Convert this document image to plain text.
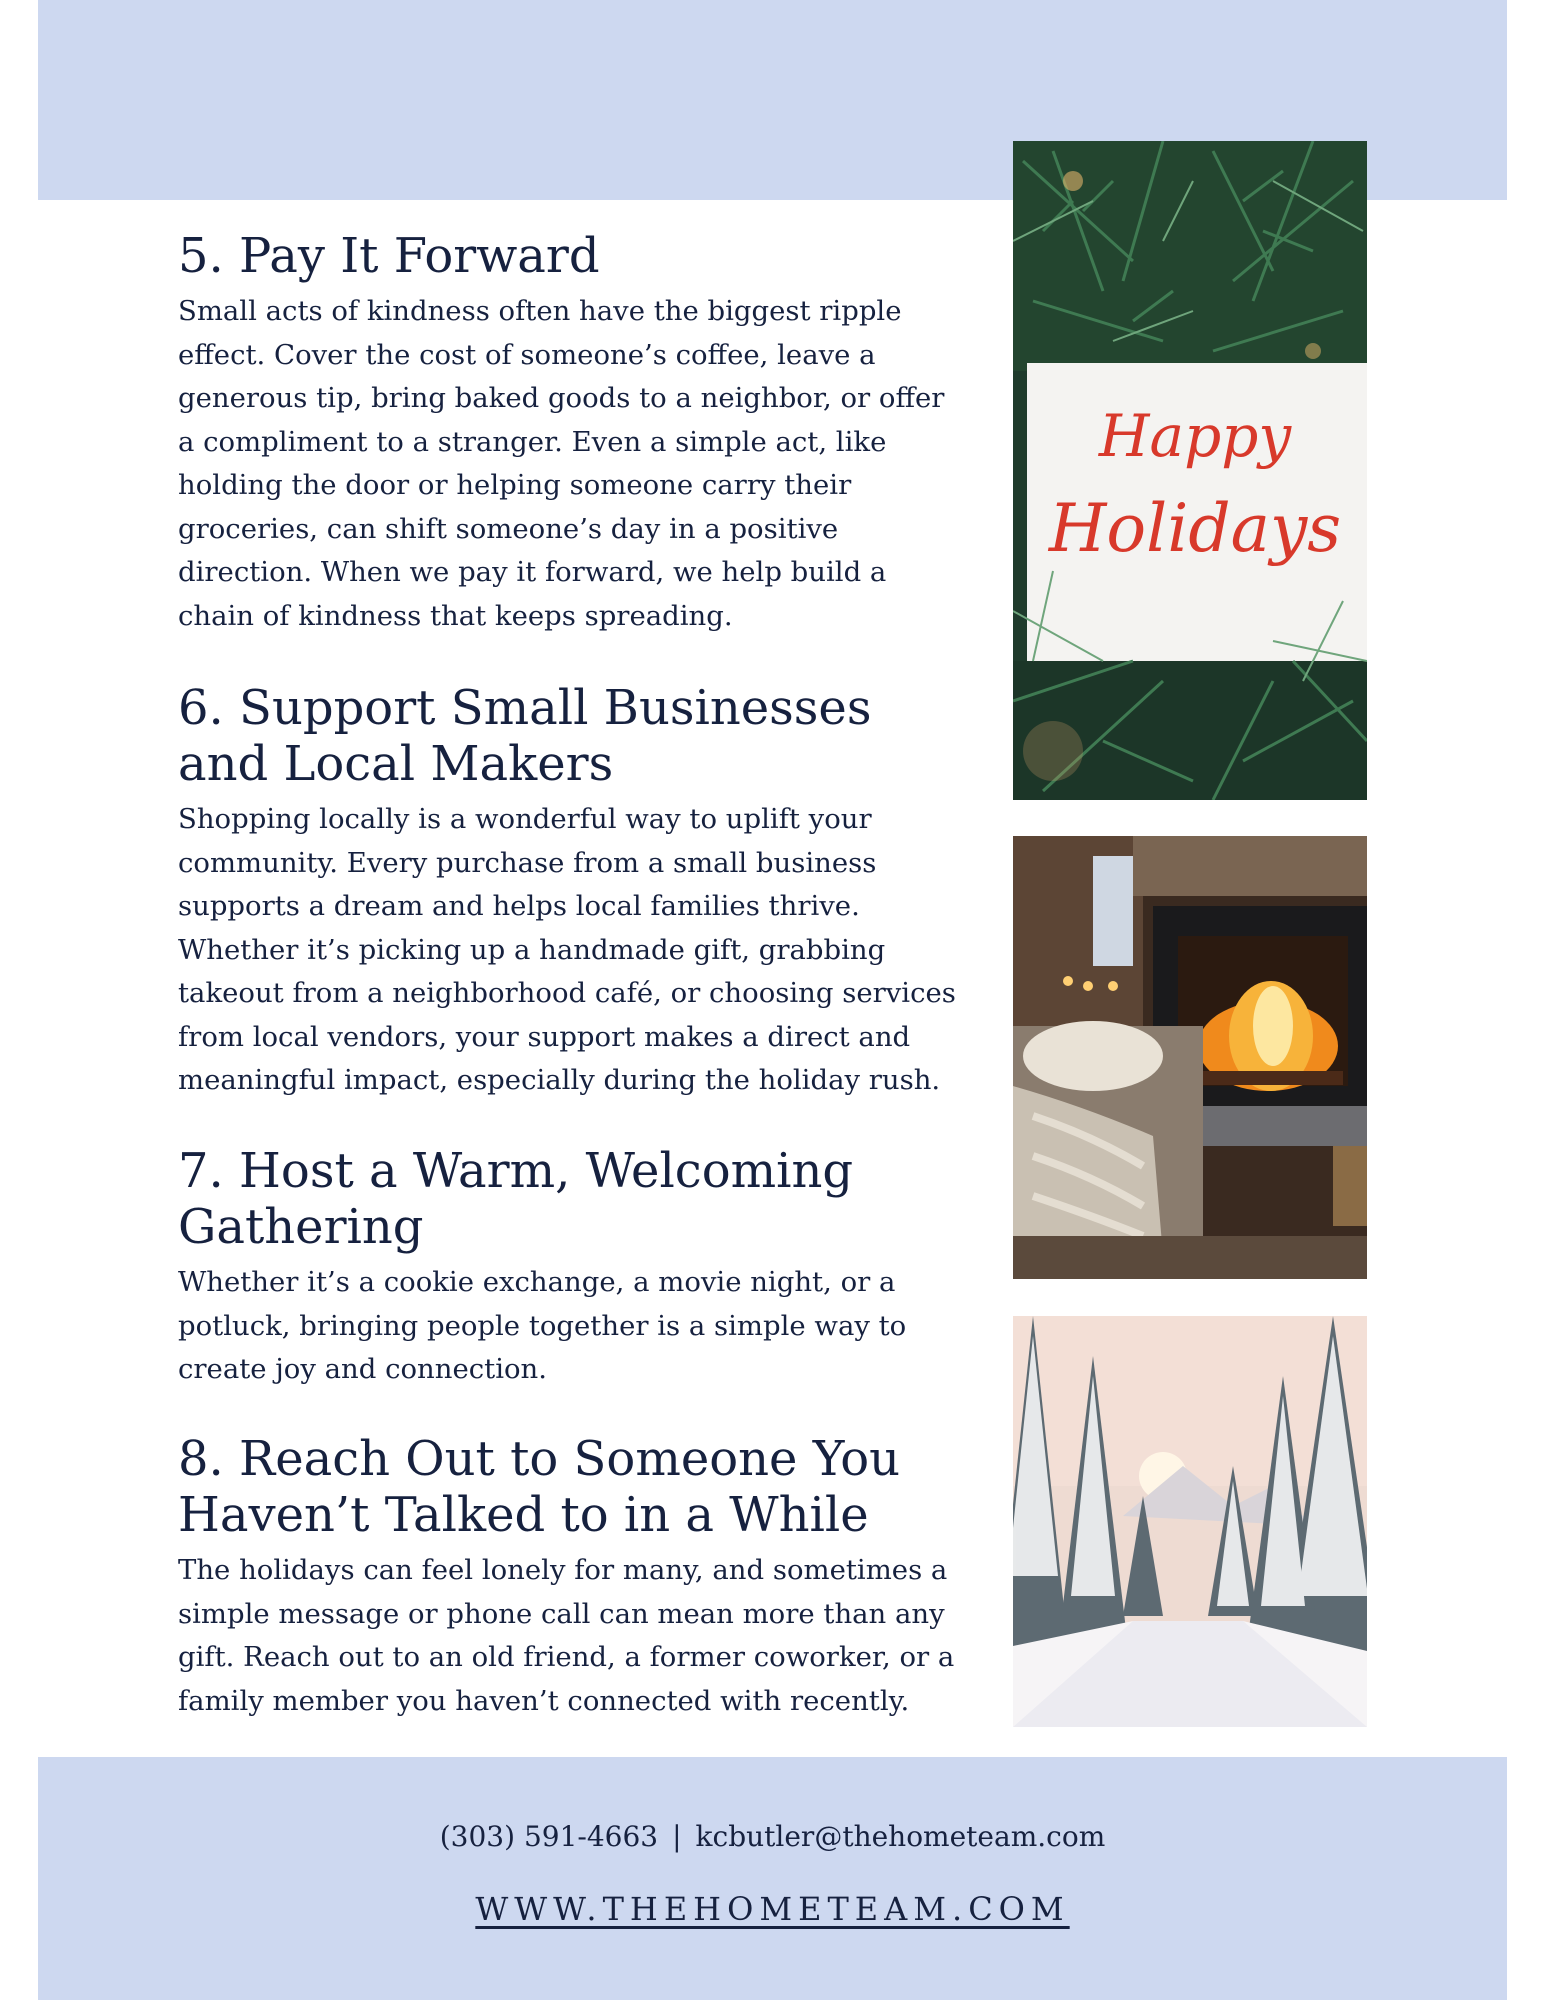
5. Pay It Forward

Small acts of kindness often have the biggest ripple effect. Cover the cost of someone’s coffee, leave a generous tip, bring baked goods to a neighbor, or offer a compliment to a stranger. Even a simple act, like holding the door or helping someone carry their groceries, can shift someone’s day in a positive direction. When we pay it forward, we help build a chain of kindness that keeps spreading.

6. Support Small Businesses and Local Makers

Shopping locally is a wonderful way to uplift your community. Every purchase from a small business supports a dream and helps local families thrive. Whether it’s picking up a handmade gift, grabbing takeout from a neighborhood café, or choosing services from local vendors, your support makes a direct and meaningful impact, especially during the holiday rush.

7. Host a Warm, Welcoming Gathering

Whether it’s a cookie exchange, a movie night, or a potluck, bringing people together is a simple way to create joy and connection.

8. Reach Out to Someone You Haven’t Talked to in a While

The holidays can feel lonely for many, and sometimes a simple message or phone call can mean more than any gift. Reach out to an old friend, a former coworker, or a family member you haven’t connected with recently.

Happy
Holidays
(303) 591-4663 | kcbutler@thehometeam.com
WWW.THEHOMETEAM.COM
